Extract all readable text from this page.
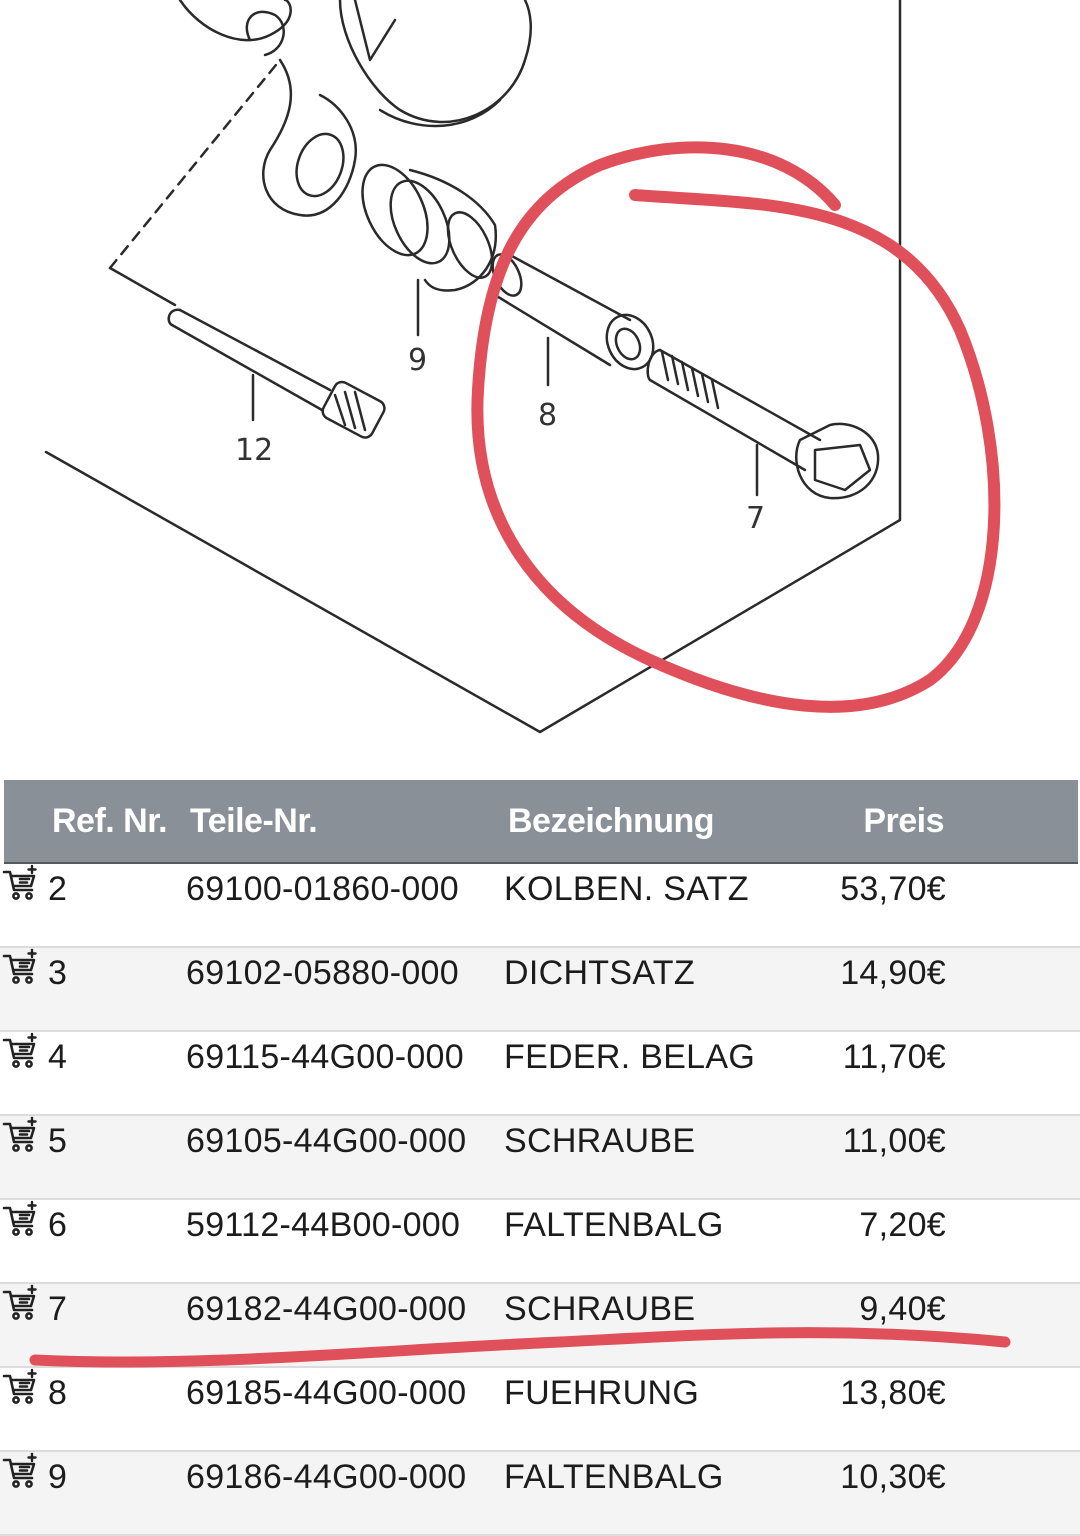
12
9
8
7
Ref. Nr. Teile-Nr.	Bezeichnung	Preis
2	69100-01860-000 KOLBEN. SATZ	53,70€
3	69102-05880-000 DICHTSATZ	14,90€
4	69115-44G00-000 FEDER. BELAG	11,70€
5	69105-44G00-000 SCHRAUBE	11,00€
6	59112-44B00-000 FALTENBALG	7,20€
7	69182-44G00-000 SCHRAUBE	9,40€
8	69185-44G00-000 FUEHRUNG	13,80€
9	69186-44G00-000 FALTENBALG	10,30€
